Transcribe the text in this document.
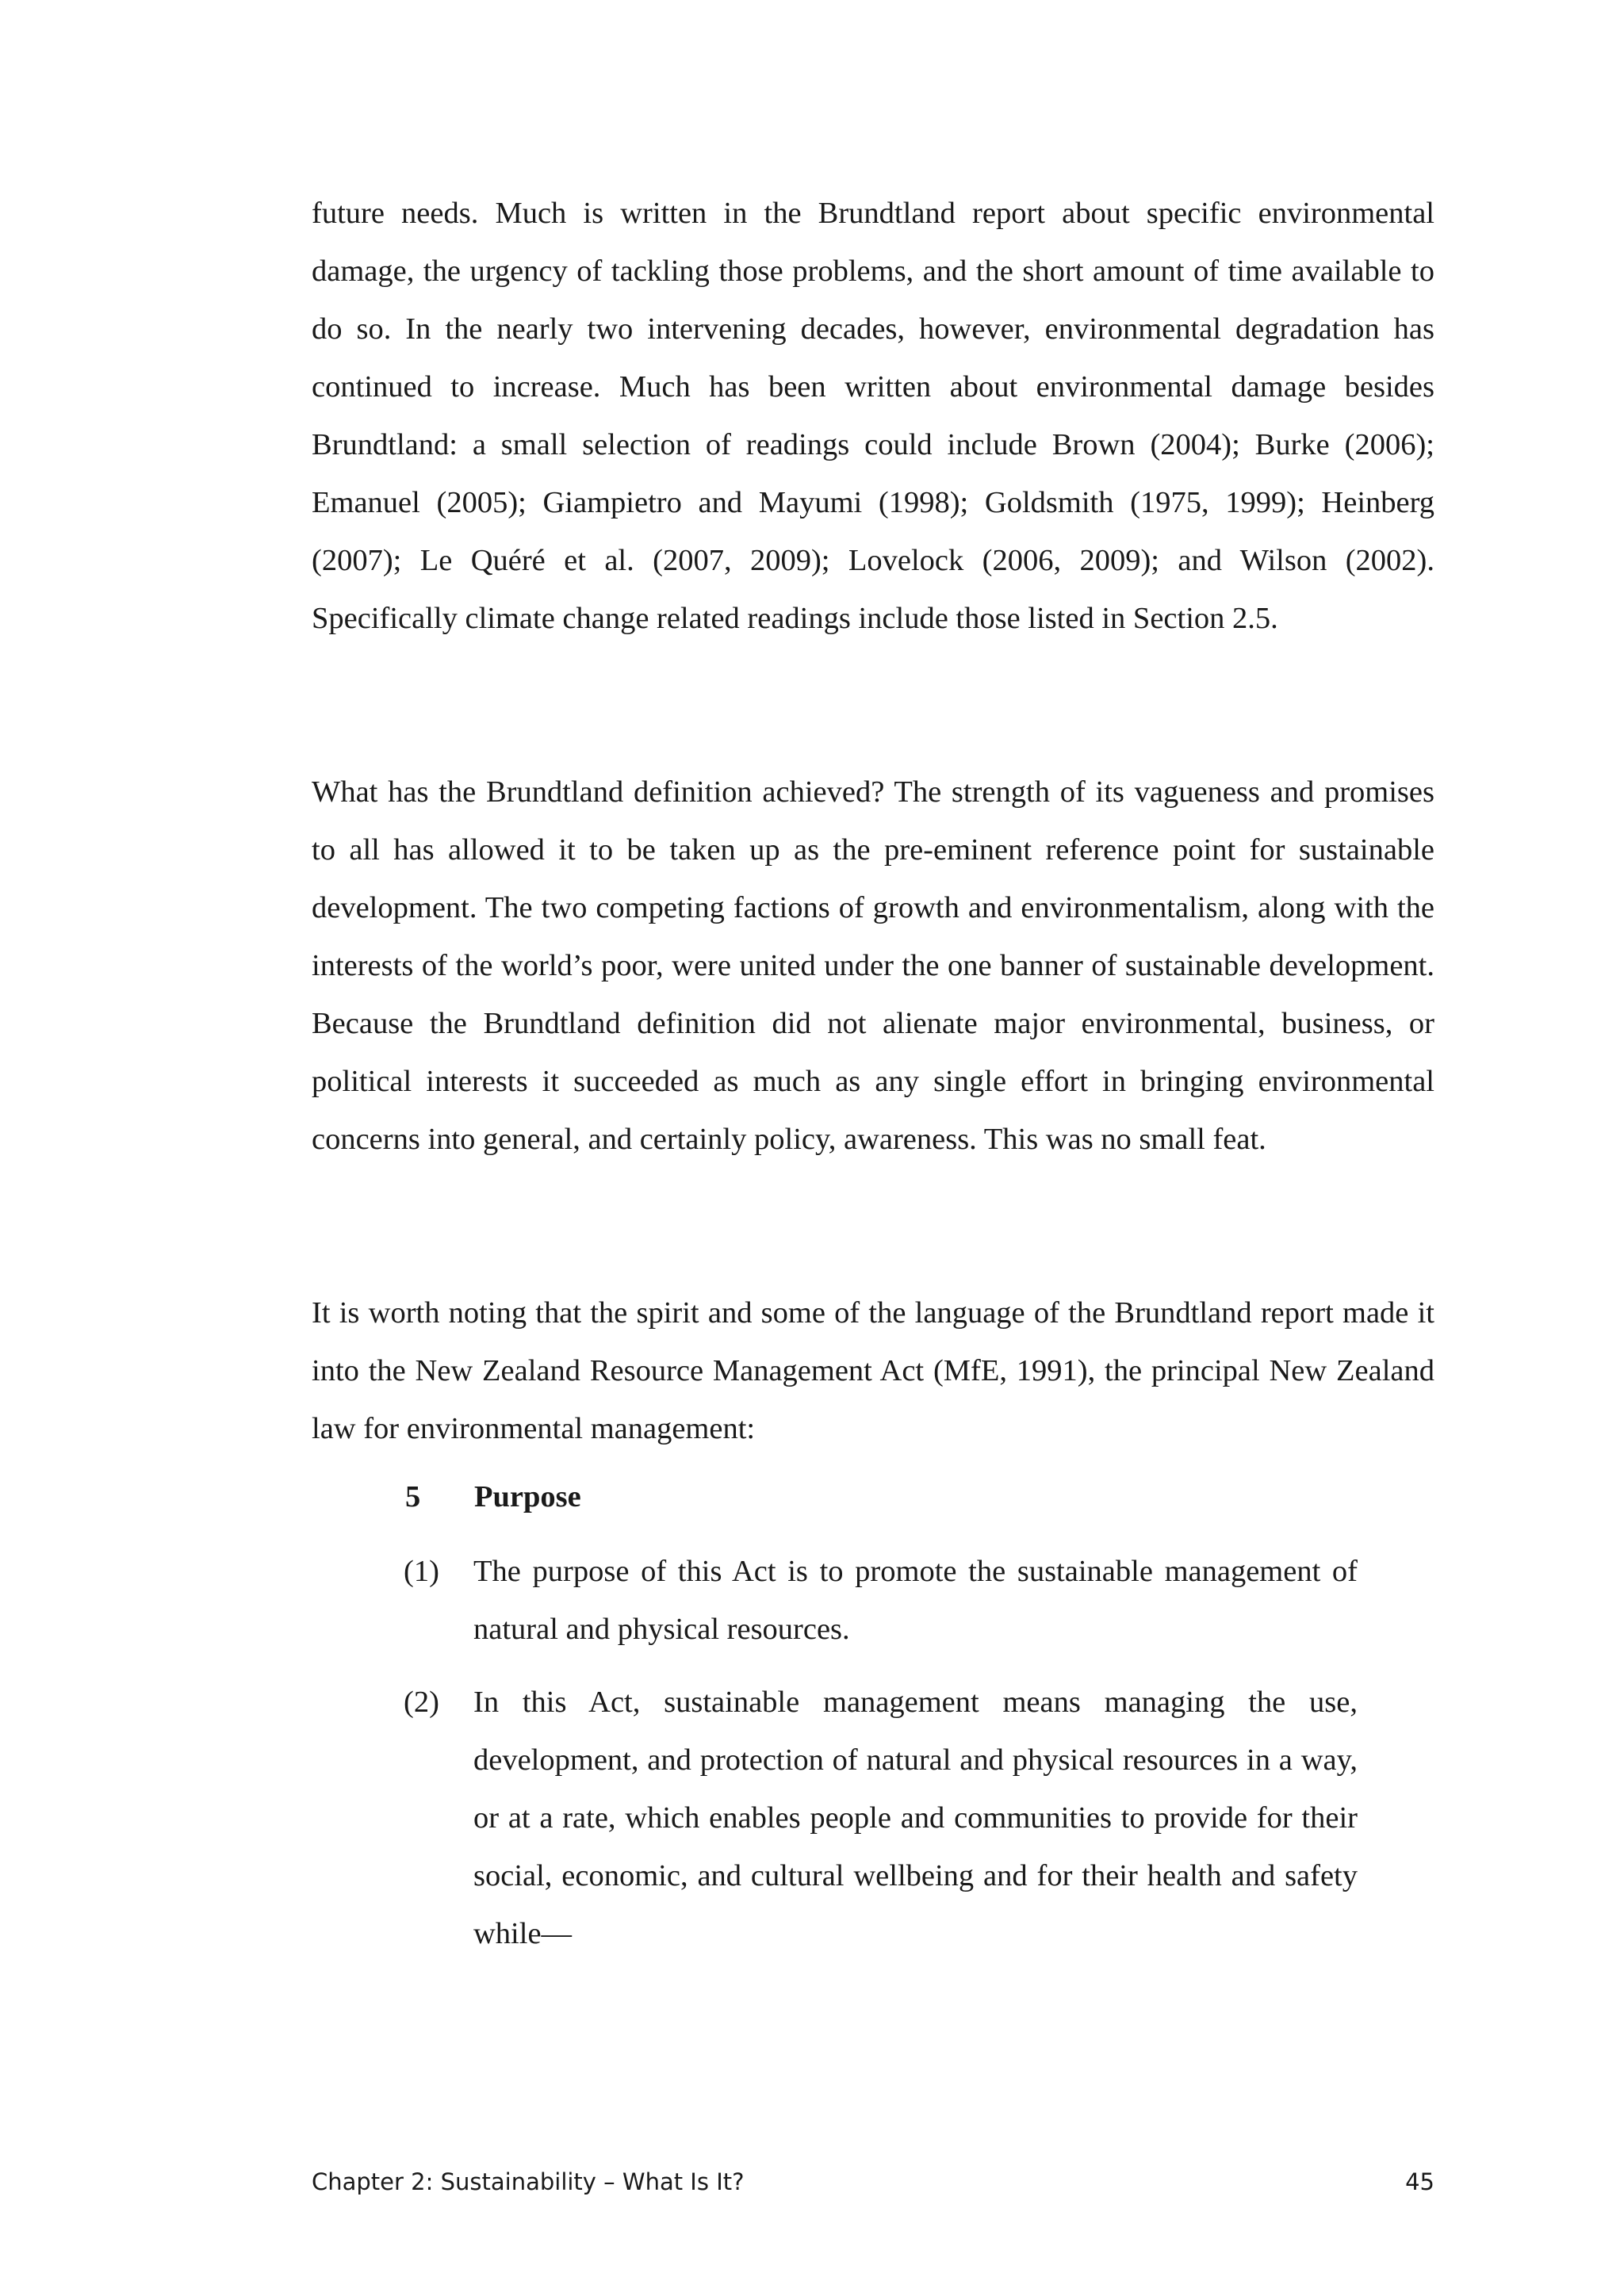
future needs. Much is written in the Brundtland report about specific environmental damage, the urgency of tackling those problems, and the short amount of time available to do so. In the nearly two intervening decades, however, environmental degradation has continued to increase. Much has been written about environmental damage besides Brundtland: a small selection of readings could include Brown (2004); Burke (2006); Emanuel (2005); Giampietro and Mayumi (1998); Goldsmith (1975, 1999); Heinberg (2007); Le Quéré et al. (2007, 2009); Lovelock (2006, 2009); and Wilson (2002). Specifically climate change related readings include those listed in Section 2.5.

What has the Brundtland definition achieved? The strength of its vagueness and promises to all has allowed it to be taken up as the pre-eminent reference point for sustainable development. The two competing factions of growth and environmentalism, along with the interests of the world’s poor, were united under the one banner of sustainable development. Because the Brundtland definition did not alienate major environmental, business, or political interests it succeeded as much as any single effort in bringing environmental concerns into general, and certainly policy, awareness. This was no small feat.

It is worth noting that the spirit and some of the language of the Brundtland report made it into the New Zealand Resource Management Act (MfE, 1991), the principal New Zealand law for environmental management:

5 Purpose
(1) The purpose of this Act is to promote the sustainable management of natural and physical resources.
(2) In this Act, sustainable management means managing the use, development, and protection of natural and physical resources in a way, or at a rate, which enables people and communities to provide for their social, economic, and cultural wellbeing and for their health and safety while—
Chapter 2: Sustainability – What Is It?	45
